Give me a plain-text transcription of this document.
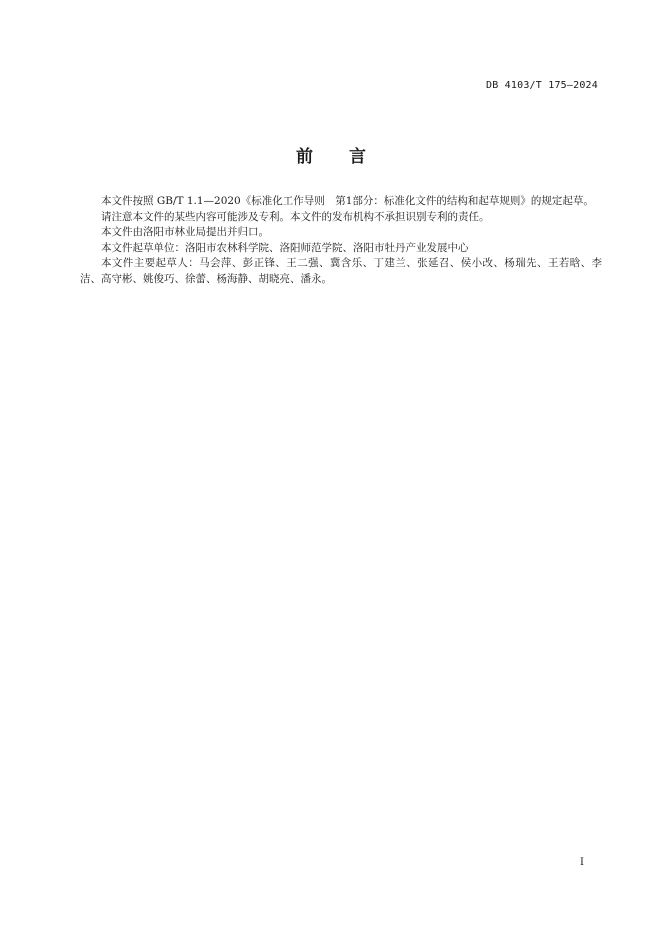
DB 4103/T 175—2024
前言

本文件按照 GB/T 1.1—2020《标准化工作导则　第1部分：标准化文件的结构和起草规则》的规定起草。

请注意本文件的某些内容可能涉及专利。本文件的发布机构不承担识别专利的责任。

本文件由洛阳市林业局提出并归口。

本文件起草单位：洛阳市农林科学院、洛阳师范学院、洛阳市牡丹产业发展中心

本文件主要起草人：马会萍、彭正锋、王二强、冀含乐、丁建兰、张延召、侯小改、杨瑞先、王若晗、李洁、高守彬、姚俊巧、徐蕾、杨海静、胡晓亮、潘永。

I
